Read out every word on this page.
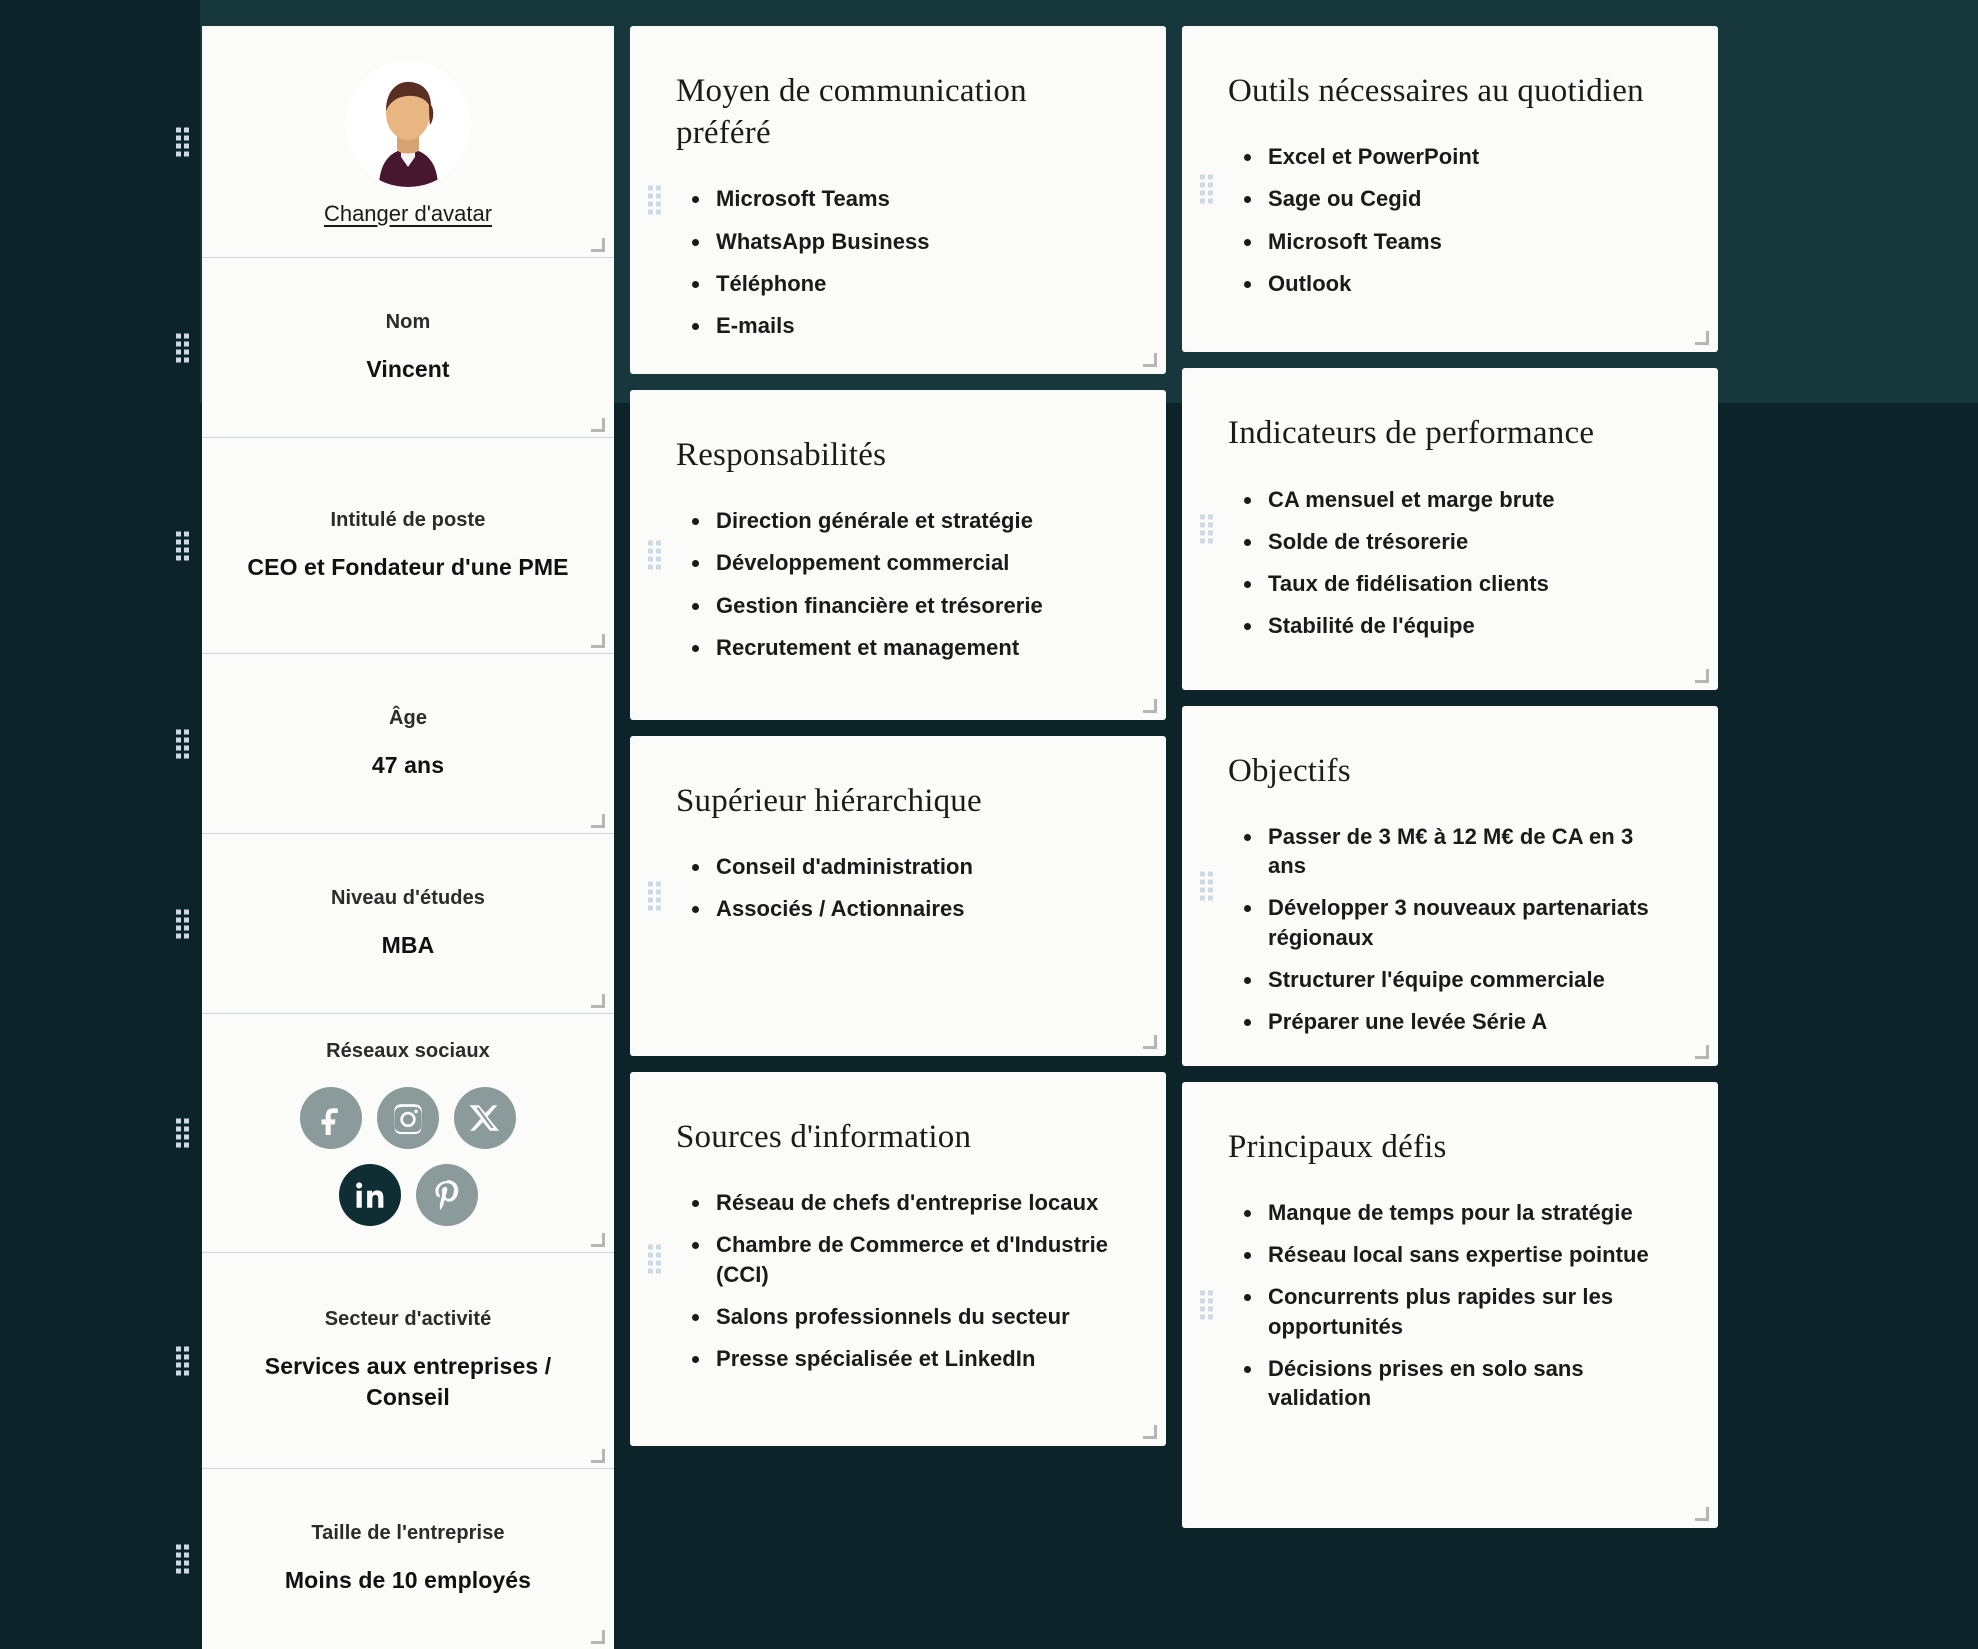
Changer d'avatar
Nom
Vincent
Intitulé de poste
CEO et Fondateur d'une PME
Âge
47 ans
Niveau d'études
MBA
Réseaux sociaux
Secteur d'activité
Services aux entreprises / Conseil
Taille de l'entreprise
Moins de 10 employés
Moyen de communication préféré
Microsoft Teams
WhatsApp Business
Téléphone
E-mails
Responsabilités
Direction générale et stratégie
Développement commercial
Gestion financière et trésorerie
Recrutement et management
Supérieur hiérarchique
Conseil d'administration
Associés / Actionnaires
Sources d'information
Réseau de chefs d'entreprise locaux
Chambre de Commerce et d'Industrie (CCI)
Salons professionnels du secteur
Presse spécialisée et LinkedIn
Outils nécessaires au quotidien
Excel et PowerPoint
Sage ou Cegid
Microsoft Teams
Outlook
Indicateurs de performance
CA mensuel et marge brute
Solde de trésorerie
Taux de fidélisation clients
Stabilité de l'équipe
Objectifs
Passer de 3 M€ à 12 M€ de CA en 3 ans
Développer 3 nouveaux partenariats régionaux
Structurer l'équipe commerciale
Préparer une levée Série A
Principaux défis
Manque de temps pour la stratégie
Réseau local sans expertise pointue
Concurrents plus rapides sur les opportunités
Décisions prises en solo sans validation
